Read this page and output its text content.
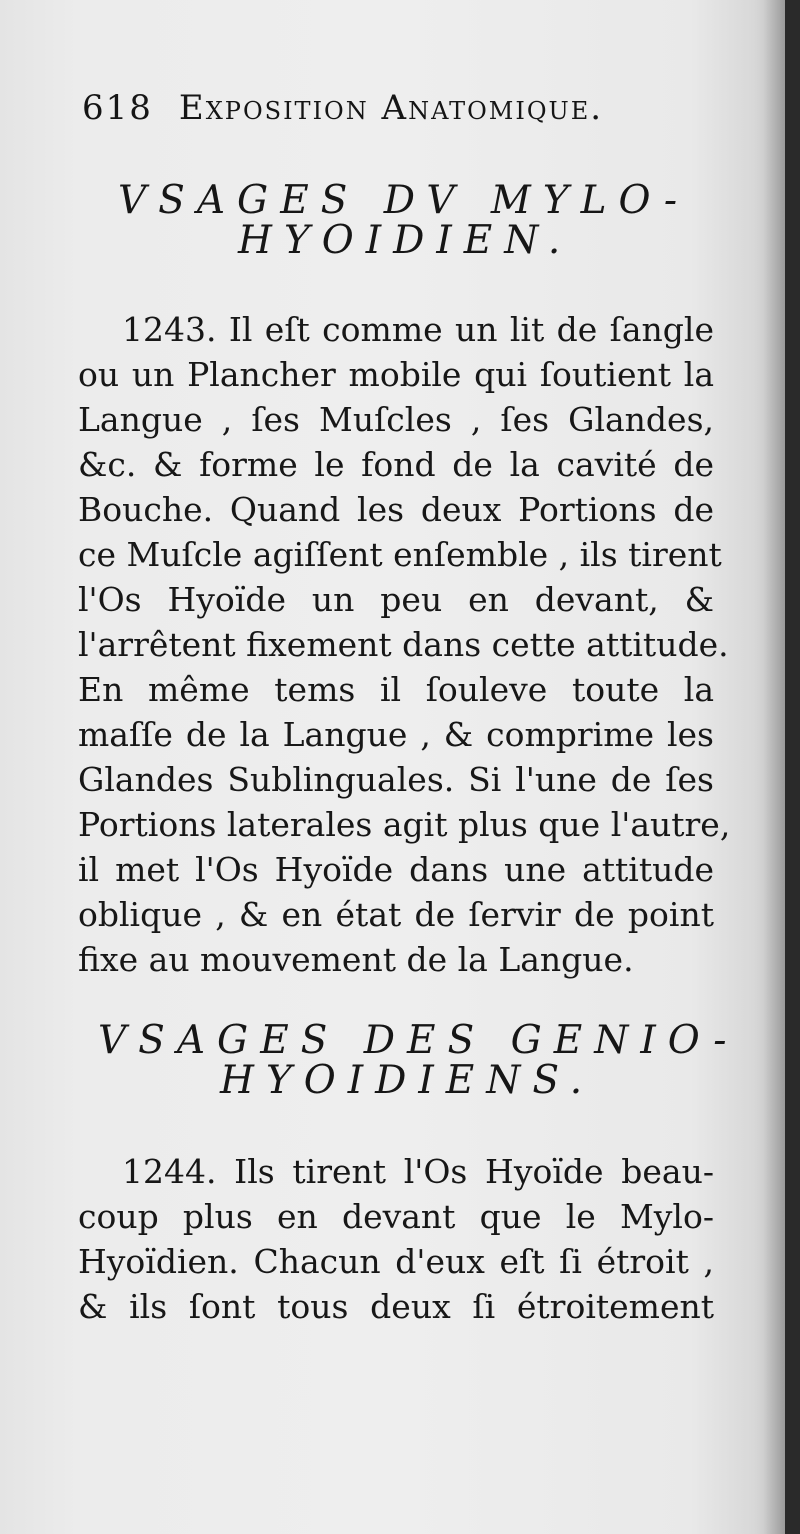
618 Exposition Anatomique.
VSAGES DV MYLO-
HYOIDIEN.
1243. Il eſt comme un lit de ſangle
ou un Plancher mobile qui ſoutient la
Langue , ſes Muſcles , ſes Glandes,
&c. & forme le fond de la cavité de
Bouche. Quand les deux Portions de
ce Muſcle agiſſent enſemble , ils tirent
l'Os Hyoïde un peu en devant, &
l'arrêtent fixement dans cette attitude.
En même tems il ſouleve toute la
maſſe de la Langue , & comprime les
Glandes Sublinguales. Si l'une de ſes
Portions laterales agit plus que l'autre,
il met l'Os Hyoïde dans une attitude
oblique , & en état de ſervir de point
fixe au mouvement de la Langue.
VSAGES DES GENIO-
HYOIDIENS.
1244. Ils tirent l'Os Hyoïde beau-
coup plus en devant que le Mylo-
Hyoïdien. Chacun d'eux eſt ſi étroit ,
& ils ſont tous deux ſi étroitement
